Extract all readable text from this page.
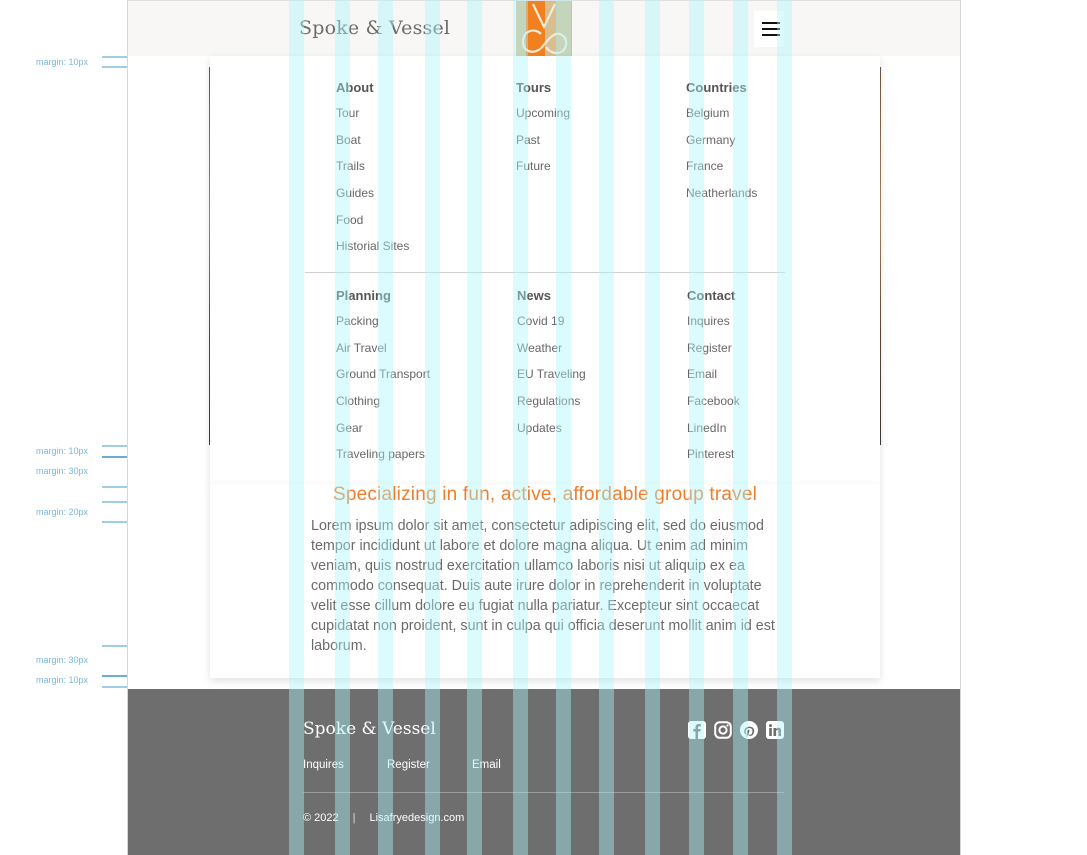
margin: 10px
margin: 10px
margin: 30px
margin: 20px
margin: 30px
margin: 10px
Spoke & Vessel
About
Tour
Boat
Trails
Guides
Food
Historial Sites
Tours
Upcoming
Past
Future
Countries
Belgium
Germany
France
Neatherlands
Planning
Packing
Air Travel
Ground Transport
Clothing
Gear
Traveling papers
News
Covid 19
Weather
EU Traveling
Regulations
Updates
Contact
Inquires
Register
Email
Facebook
LinedIn
Pinterest
Specializing in fun, active, affordable group travel

Lorem ipsum dolor sit amet, consectetur adipiscing elit, sed do eiusmod tempor incididunt ut labore et dolore magna aliqua. Ut enim ad minim veniam, quis nostrud exercitation ullamco laboris nisi ut aliquip ex ea commodo consequat. Duis aute irure dolor in reprehenderit in voluptate velit esse cillum dolore eu fugiat nulla pariatur. Excepteur sint occaecat cupidatat non proident, sunt in culpa qui officia deserunt mollit anim id est laborum.

Spoke & Vessel
Inquires	Register	Email
© 2022 | Lisafryedesign.com
